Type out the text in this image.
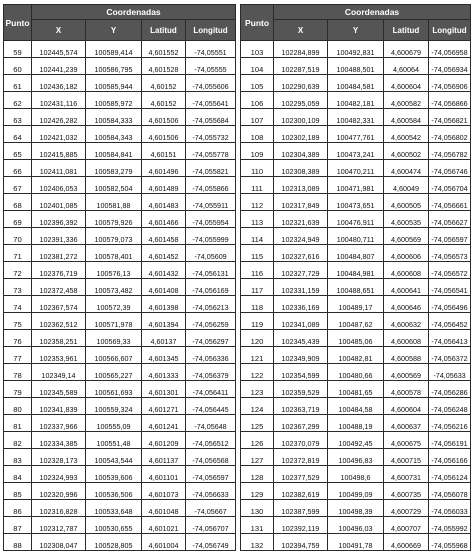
Punto	Coordenadas			
	X	Y	Latitud	Longitud
59	102445,574	100589,414	4,601552	-74,05551
60	102441,239	100586,795	4,601528	-74,05555
61	102436,182	100585,944	4,60152	-74,055606
62	102431,116	100585,972	4,60152	-74,055641
63	102426,282	100584,333	4,601506	-74,055684
64	102421,032	100584,343	4,601506	-74,055732
65	102415,885	100584,841	4,60151	-74,055778
66	102411,081	100583,279	4,601496	-74,055821
67	102406,053	100582,504	4,601489	-74,055866
68	102401,085	100581,88	4,601483	-74,055911
69	102396,392	100579,926	4,601466	-74,055954
70	102391,336	100579,073	4,601458	-74,055999
71	102381,272	100578,401	4,601452	-74,05609
72	102376,719	100576,13	4,601432	-74,056131
73	102372,458	100573,482	4,601408	-74,056169
74	102367,574	100572,39	4,601398	-74,056213
75	102362,512	100571,978	4,601394	-74,056259
76	102358,251	100569,33	4,60137	-74,056297
77	102353,961	100566,607	4,601345	-74,056336
78	102349,14	100565,227	4,601333	-74,056379
79	102345,589	100561,693	4,601301	-74,056411
80	102341,839	100559,324	4,601271	-74,056445
81	102337,966	100555,09	4,601241	-74,05648
82	102334,385	100551,48	4,601209	-74,056512
83	102328,173	100543,544	4,601137	-74,056568
84	102324,993	100539,606	4,601101	-74,056597
85	102320,996	100536,506	4,601073	-74,056633
86	102316,828	100533,648	4,601048	-74,05667
87	102312,787	100530,655	4,601021	-74,056707
88	102308,047	100528,805	4,601004	-74,056749
Punto	Coordenadas			
	X	Y	Latitud	Longitud
103	102284,899	100492,831	4,600679	-74,056958
104	102287,519	100488,501	4,60064	-74,056934
105	102290,639	100484,581	4,600604	-74,056906
106	102295,059	100482,181	4,600582	-74,056866
107	102300,109	100482,331	4,600584	-74,056821
108	102302,189	100477,761	4,600542	-74,056802
109	102304,389	100473,241	4,600502	-74,056782
110	102308,389	100470,211	4,600474	-74,056746
111	102313,089	100471,981	4,60049	-74,056704
112	102317,849	100473,651	4,600505	-74,056661
113	102321,639	100476,911	4,600535	-74,056627
114	102324,949	100480,711	4,600569	-74,056597
115	102327,616	100484,807	4,600606	-74,056573
116	102327,729	100484,981	4,600608	-74,056572
117	102331,159	100488,651	4,600641	-74,056541
118	102336,169	100489,17	4,600646	-74,056496
119	102341,089	100487,62	4,600632	-74,056452
120	102345,439	100485,06	4,600608	-74,056413
121	102349,909	100482,81	4,600588	-74,056372
122	102354,599	100480,66	4,600569	-74,05633
123	102359,529	100481,65	4,600578	-74,056286
124	102363,719	100484,58	4,600604	-74,056248
125	102367,299	100488,19	4,600637	-74,056216
126	102370,079	100492,45	4,600675	-74,056191
127	102372,819	100496,83	4,600715	-74,056166
128	102377,529	100498,6	4,600731	-74,056124
129	102382,619	100499,09	4,600735	-74,056078
130	102387,599	100498,39	4,600729	-74,056033
131	102392,119	100496,03	4,600707	-74,055992
132	102394,759	100491,78	4,600669	-74,055968
